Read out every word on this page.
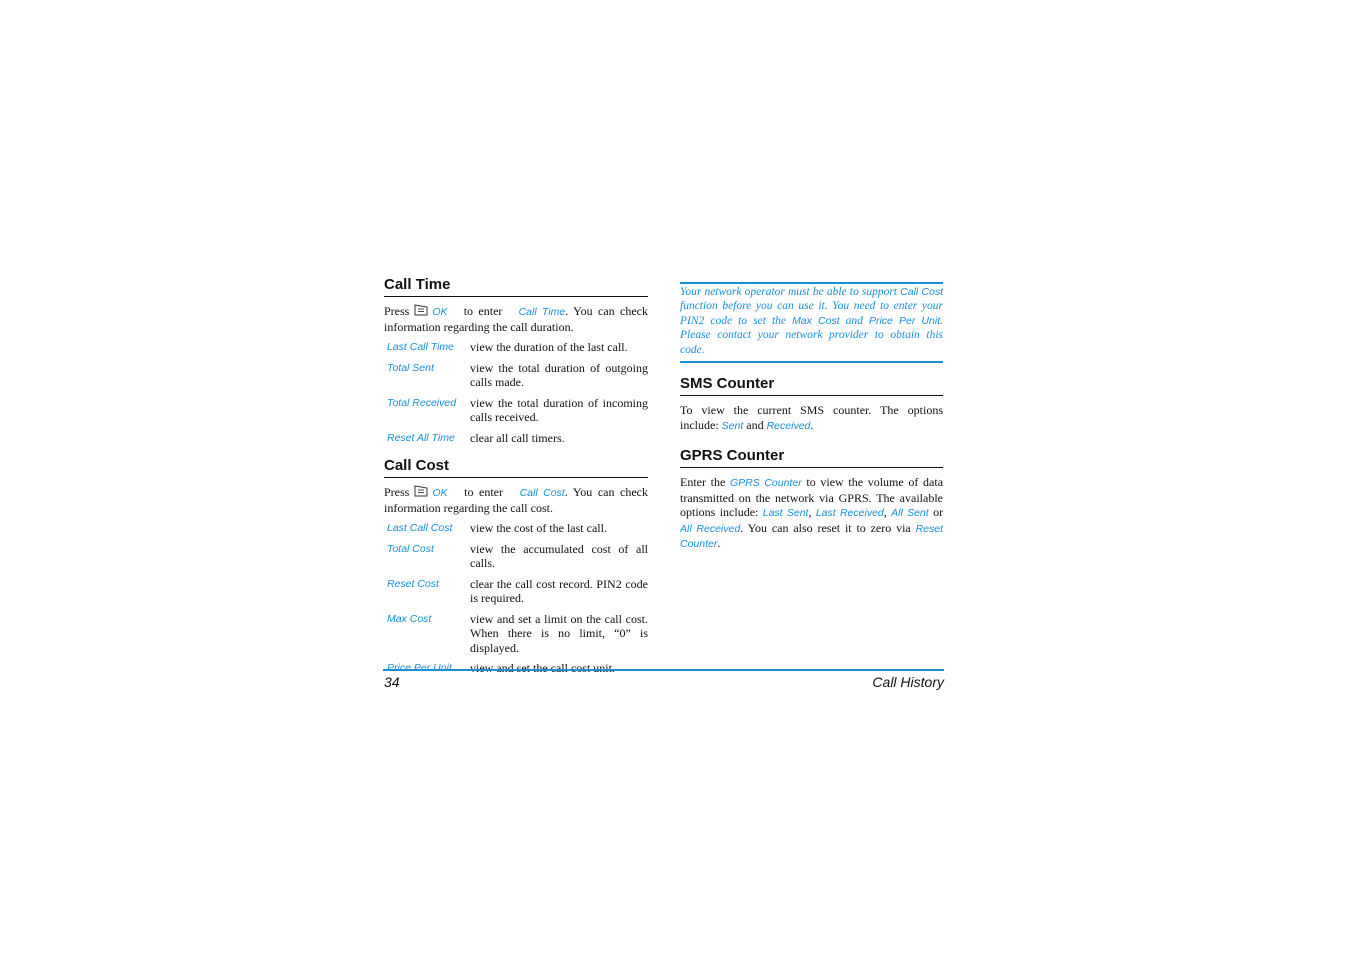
Call Time

Press OK to enter Call Time. You can check information regarding the call duration.

Last Call Time	view the duration of the last call.
Total Sent	view the total duration of outgoing calls made.
Total Received	view the total duration of incoming calls received.
Reset All Time	clear all call timers.
Call Cost

Press OK to enter Call Cost. You can check information regarding the call cost.

Last Call Cost	view the cost of the last call.
Total Cost	view the accumulated cost of all calls.
Reset Cost	clear the call cost record. PIN2 code is required.
Max Cost	view and set a limit on the call cost. When there is no limit, “0” is displayed.
Price Per Unit	view and set the call cost unit.
Your network operator must be able to support Call Cost function before you can use it. You need to enter your PIN2 code to set the Max Cost and Price Per Unit. Please contact your network provider to obtain this code.
SMS Counter

To view the current SMS counter. The options include: Sent and Received.

GPRS Counter

Enter the GPRS Counter to view the volume of data transmitted on the network via GPRS. The available options include: Last Sent, Last Received, All Sent or All Received. You can also reset it to zero via Reset Counter.

34	Call History
